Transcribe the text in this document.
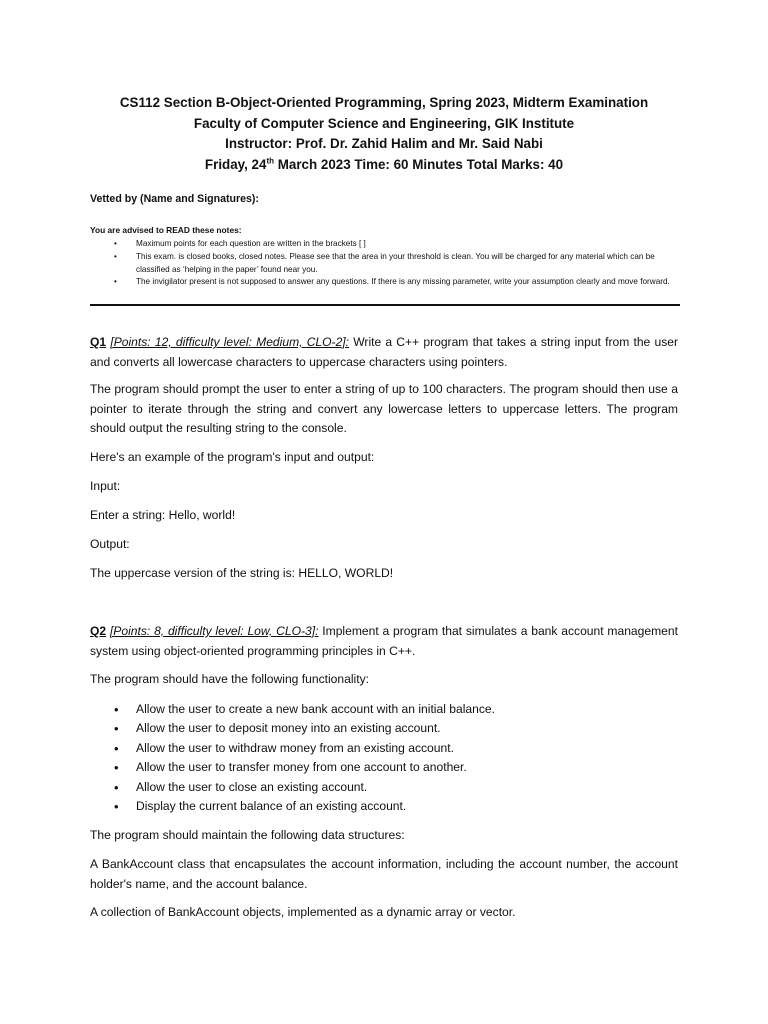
CS112 Section B-Object-Oriented Programming, Spring 2023, Midterm Examination
Faculty of Computer Science and Engineering, GIK Institute
Instructor: Prof. Dr. Zahid Halim and Mr. Said Nabi
Friday, 24th March 2023 Time: 60 Minutes Total Marks: 40
Vetted by (Name and Signatures):
You are advised to READ these notes:
• Maximum points for each question are written in the brackets [ ]
• This exam. is closed books, closed notes. Please see that the area in your threshold is clean. You will be charged for any material which can be classified as ‘helping in the paper’ found near you.
• The invigilator present is not supposed to answer any questions. If there is any missing parameter, write your assumption clearly and move forward.
Q1 [Points: 12, difficulty level: Medium, CLO-2]: Write a C++ program that takes a string input from the user and converts all lowercase characters to uppercase characters using pointers.
The program should prompt the user to enter a string of up to 100 characters. The program should then use a pointer to iterate through the string and convert any lowercase letters to uppercase letters. The program should output the resulting string to the console.
Here's an example of the program's input and output:
Input:
Enter a string: Hello, world!
Output:
The uppercase version of the string is: HELLO, WORLD!
Q2 [Points: 8, difficulty level: Low, CLO-3]: Implement a program that simulates a bank account management system using object-oriented programming principles in C++.
The program should have the following functionality:
• Allow the user to create a new bank account with an initial balance.
• Allow the user to deposit money into an existing account.
• Allow the user to withdraw money from an existing account.
• Allow the user to transfer money from one account to another.
• Allow the user to close an existing account.
• Display the current balance of an existing account.
The program should maintain the following data structures:
A BankAccount class that encapsulates the account information, including the account number, the account holder's name, and the account balance.
A collection of BankAccount objects, implemented as a dynamic array or vector.
